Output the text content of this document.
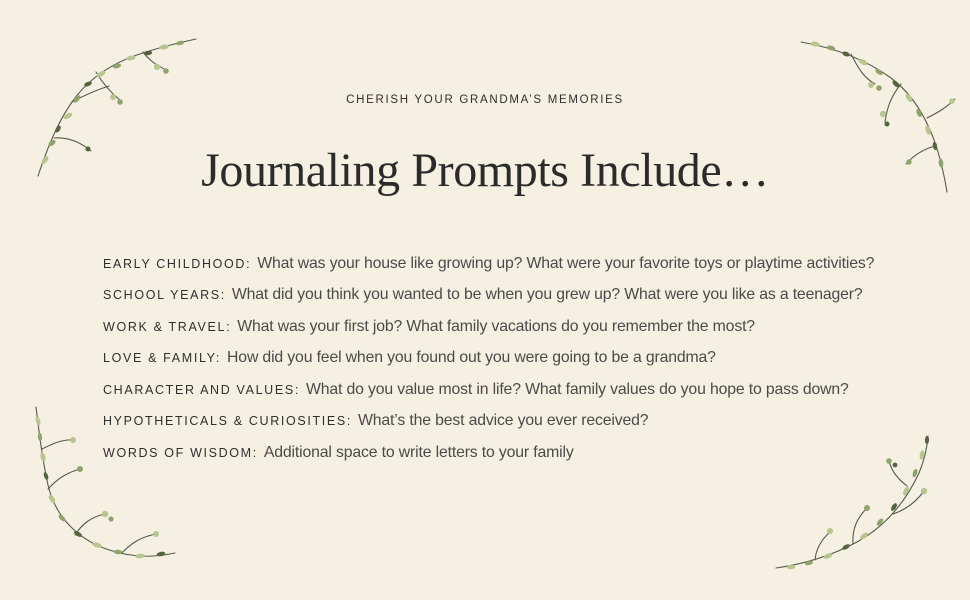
CHERISH YOUR GRANDMA’S MEMORIES
Journaling Prompts Include…
EARLY CHILDHOOD: What was your house like growing up? What were your favorite toys or playtime activities?
SCHOOL YEARS: What did you think you wanted to be when you grew up? What were you like as a teenager?
WORK & TRAVEL: What was your first job? What family vacations do you remember the most?
LOVE & FAMILY: How did you feel when you found out you were going to be a grandma?
CHARACTER AND VALUES: What do you value most in life? What family values do you hope to pass down?
HYPOTHETICALS & CURIOSITIES: What’s the best advice you ever received?
WORDS OF WISDOM: Additional space to write letters to your family
